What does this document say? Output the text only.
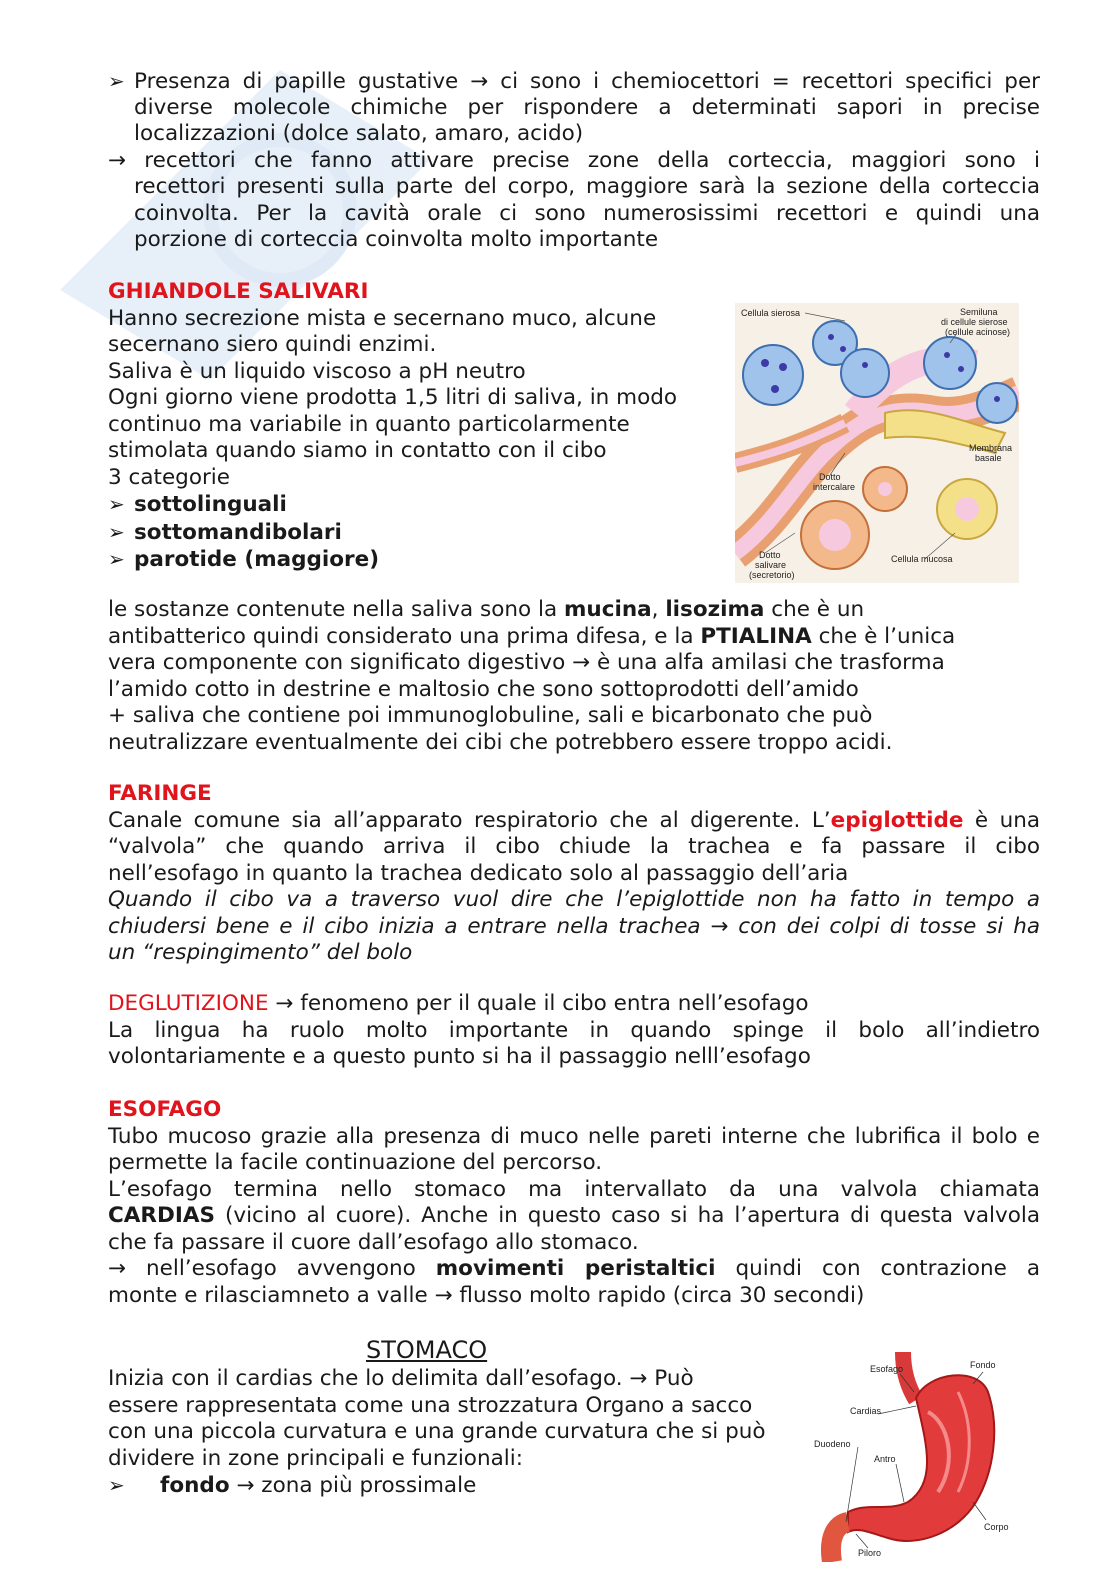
➢ Presenza di papille gustative → ci sono i chemiocettori = recettori specifici per
diverse molecole chimiche per rispondere a determinati sapori in precise
localizzazioni (dolce salato, amaro, acido)
→ recettori che fanno attivare precise zone della corteccia, maggiori sono i
recettori presenti sulla parte del corpo, maggiore sarà la sezione della corteccia
coinvolta. Per la cavità orale ci sono numerosissimi recettori e quindi una
porzione di corteccia coinvolta molto importante
GHIANDOLE SALIVARI
Hanno secrezione mista e secernano muco, alcune
secernano siero quindi enzimi.
Saliva è un liquido viscoso a pH neutro
Ogni giorno viene prodotta 1,5 litri di saliva, in modo
continuo ma variabile in quanto particolarmente
stimolata quando siamo in contatto con il cibo
3 categorie
➢ sottolinguali
➢ sottomandibolari
➢ parotide (maggiore)
Cellula sierosa	Semiluna
di cellule sierose
(cellule acinose)
Membrana
basale
Dotto
intercalare
Dotto
salivare
(secretorio)
Cellula mucosa
le sostanze contenute nella saliva sono la mucina, lisozima che è un
antibatterico quindi considerato una prima difesa, e la PTIALINA che è l’unica
vera componente con significato digestivo → è una alfa amilasi che trasforma
l’amido cotto in destrine e maltosio che sono sottoprodotti dell’amido
+ saliva che contiene poi immunoglobuline, sali e bicarbonato che può
neutralizzare eventualmente dei cibi che potrebbero essere troppo acidi.
FARINGE
Canale comune sia all’apparato respiratorio che al digerente. L’epiglottide è una
“valvola” che quando arriva il cibo chiude la trachea e fa passare il cibo
nell’esofago in quanto la trachea dedicato solo al passaggio dell’aria
Quando il cibo va a traverso vuol dire che l’epiglottide non ha fatto in tempo a
chiudersi bene e il cibo inizia a entrare nella trachea → con dei colpi di tosse si ha
un “respingimento” del bolo
DEGLUTIZIONE → fenomeno per il quale il cibo entra nell’esofago
La lingua ha ruolo molto importante in quando spinge il bolo all’indietro
volontariamente e a questo punto si ha il passaggio nelll’esofago
ESOFAGO
Tubo mucoso grazie alla presenza di muco nelle pareti interne che lubrifica il bolo e
permette la facile continuazione del percorso.
L’esofago termina nello stomaco ma intervallato da una valvola chiamata
CARDIAS (vicino al cuore). Anche in questo caso si ha l’apertura di questa valvola
che fa passare il cuore dall’esofago allo stomaco.
→ nell’esofago avvengono movimenti peristaltici quindi con contrazione a
monte e rilasciamneto a valle → flusso molto rapido (circa 30 secondi)
STOMACO
Inizia con il cardias che lo delimita dall’esofago. → Può
essere rappresentata come una strozzatura Organo a sacco
con una piccola curvatura e una grande curvatura che si può
dividere in zone principali e funzionali:
➢ fondo → zona più prossimale
Esofago	Fondo
Cardias
Duodeno
Antro
Corpo
Piloro
